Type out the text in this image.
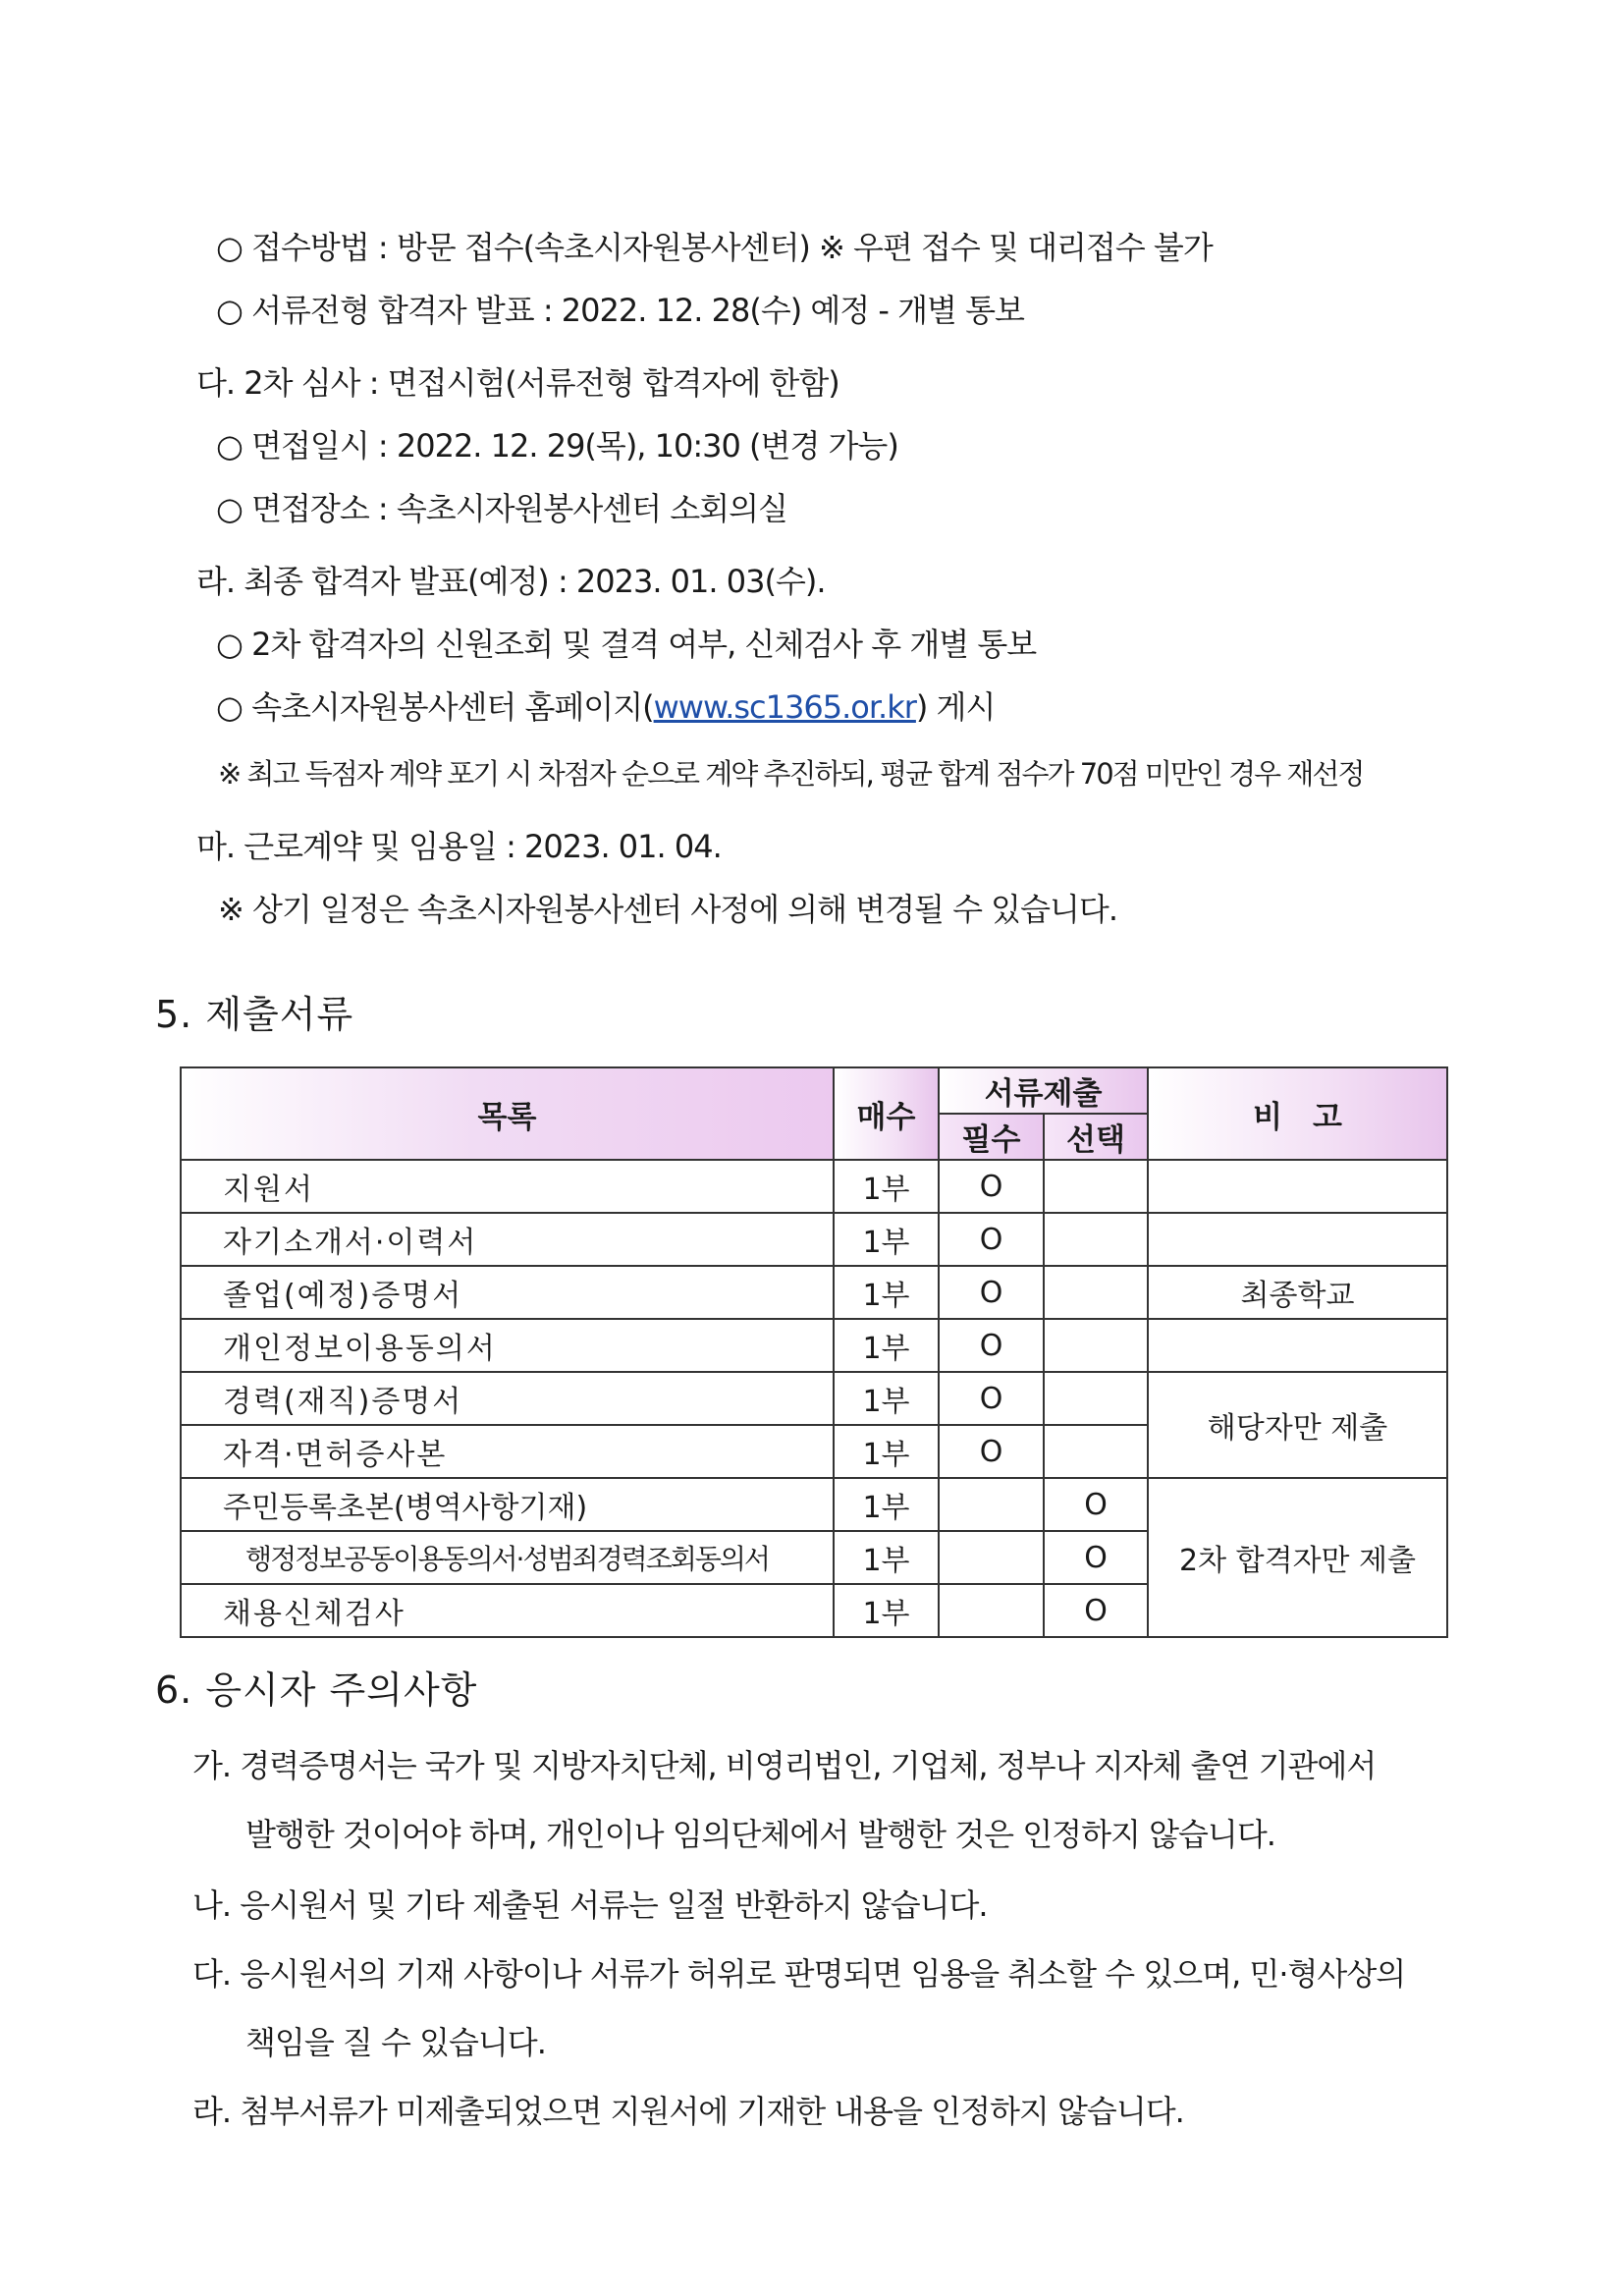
○ 접수방법 : 방문 접수(속초시자원봉사센터) ※ 우편 접수 및 대리접수 불가
○ 서류전형 합격자 발표 : 2022. 12. 28(수) 예정 - 개별 통보
다. 2차 심사 : 면접시험(서류전형 합격자에 한함)
○ 면접일시 : 2022. 12. 29(목), 10:30 (변경 가능)
○ 면접장소 : 속초시자원봉사센터 소회의실
라. 최종 합격자 발표(예정) : 2023. 01. 03(수).
○ 2차 합격자의 신원조회 및 결격 여부, 신체검사 후 개별 통보
○ 속초시자원봉사센터 홈페이지(www.sc1365.or.kr) 게시
※ 최고 득점자 계약 포기 시 차점자 순으로 계약 추진하되, 평균 합계 점수가 70점 미만인 경우 재선정
마. 근로계약 및 임용일 : 2023. 01. 04.
※ 상기 일정은 속초시자원봉사센터 사정에 의해 변경될 수 있습니다.
5. 제출서류
목록	매수	서류제출		비　고
		필수	선택	
지원서	1부	O		
자기소개서·이력서	1부	O		
졸업(예정)증명서	1부	O		최종학교
개인정보이용동의서	1부	O		
경력(재직)증명서	1부	O		해당자만 제출
자격·면허증사본	1부	O		
주민등록초본(병역사항기재)	1부		O	2차 합격자만 제출
행정정보공동이용동의서·성범죄경력조회동의서	1부		O	
채용신체검사	1부		O	
6. 응시자 주의사항
가. 경력증명서는 국가 및 지방자치단체, 비영리법인, 기업체, 정부나 지자체 출연 기관에서
발행한 것이어야 하며, 개인이나 임의단체에서 발행한 것은 인정하지 않습니다.
나. 응시원서 및 기타 제출된 서류는 일절 반환하지 않습니다.
다. 응시원서의 기재 사항이나 서류가 허위로 판명되면 임용을 취소할 수 있으며, 민·형사상의
책임을 질 수 있습니다.
라. 첨부서류가 미제출되었으면 지원서에 기재한 내용을 인정하지 않습니다.
